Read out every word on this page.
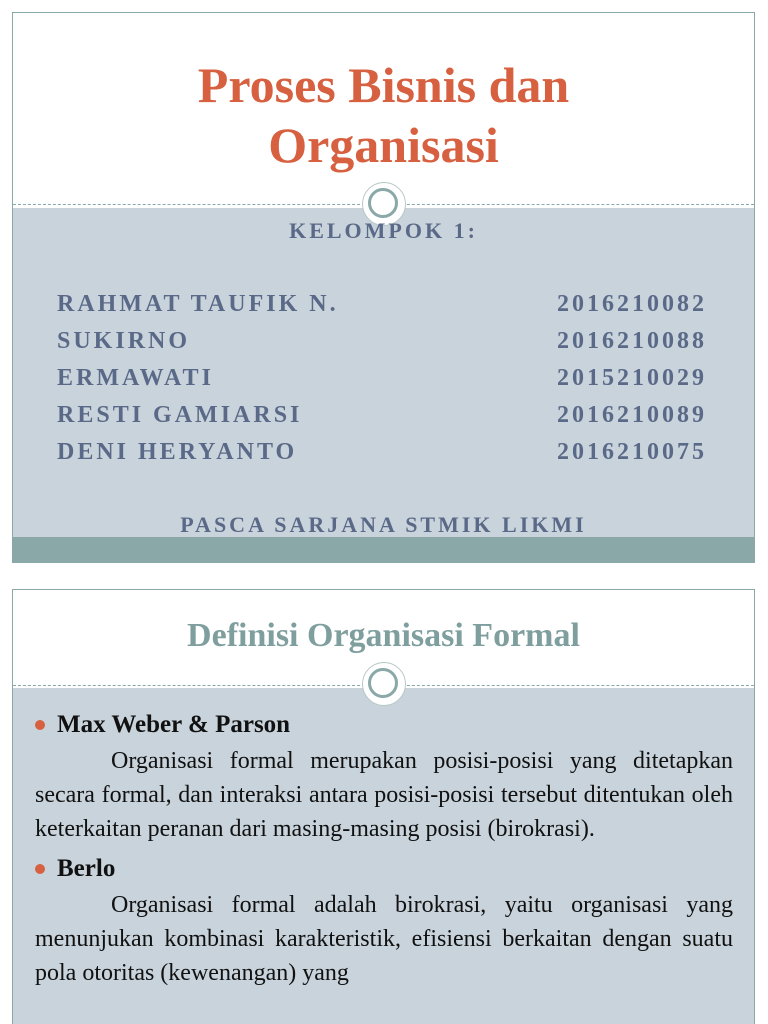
Proses Bisnis dan
Organisasi
KELOMPOK 1:
RAHMAT TAUFIK N.	2016210082
SUKIRNO	2016210088
ERMAWATI	2015210029
RESTI GAMIARSI	2016210089
DENI HERYANTO	2016210075
PASCA SARJANA STMIK LIKMI
Definisi Organisasi Formal
Max Weber & Parson

Organisasi formal merupakan posisi-posisi yang ditetapkan secara formal, dan interaksi antara posisi-posisi tersebut ditentukan oleh keterkaitan peranan dari masing-masing posisi (birokrasi).

Berlo

Organisasi formal adalah birokrasi, yaitu organisasi yang menunjukan kombinasi karakteristik, efisiensi berkaitan dengan suatu pola otoritas (kewenangan) yang
